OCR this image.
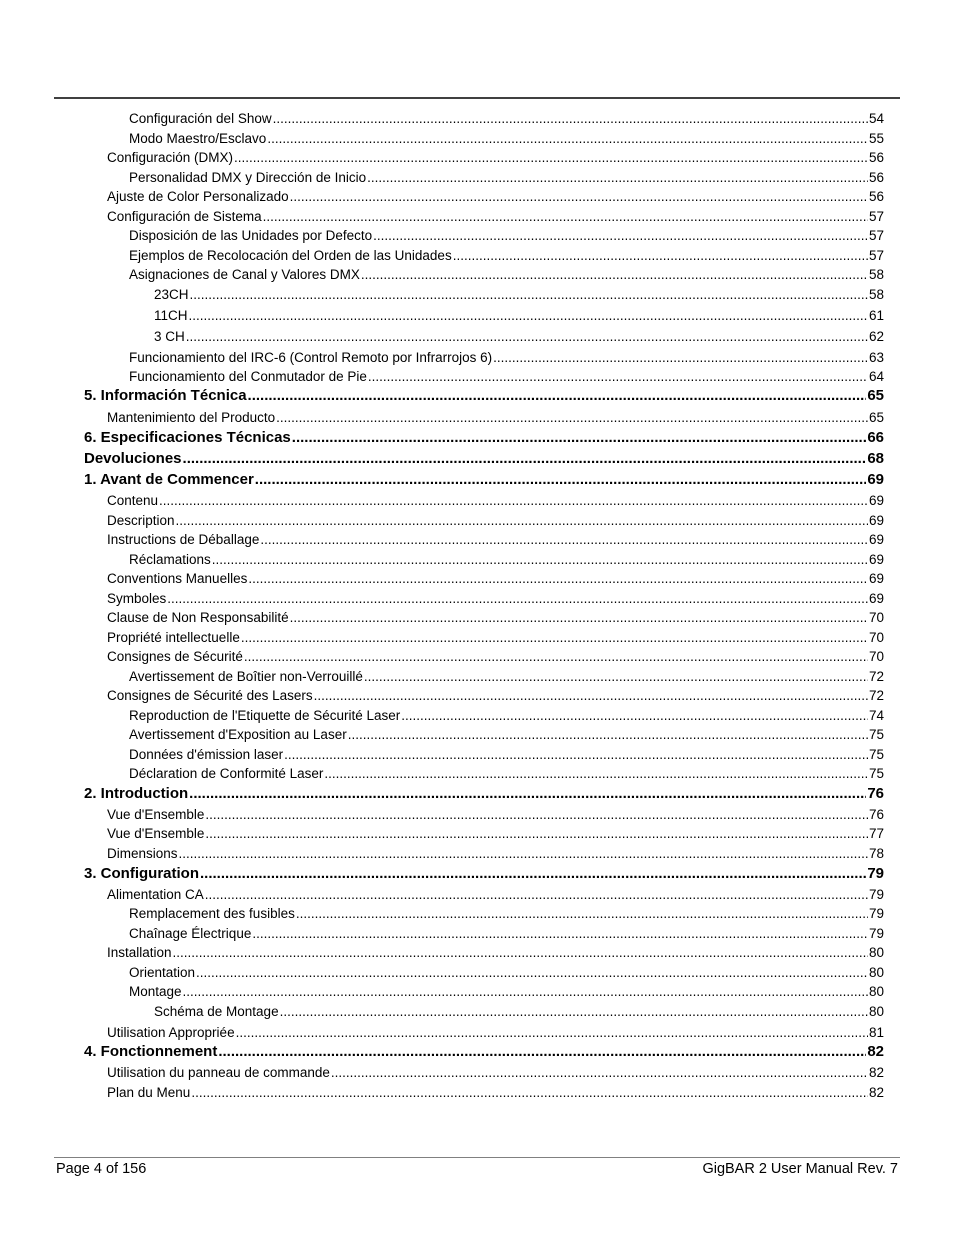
Configuración del Show .....	54
Modo Maestro/Esclavo .....	55
Configuración (DMX) .....	56
Personalidad DMX y Dirección de Inicio .....	56
Ajuste de Color Personalizado .....	56
Configuración de Sistema .....	57
Disposición de las Unidades por Defecto .....	57
Ejemplos de Recolocación del Orden de las Unidades .....	57
Asignaciones de Canal y Valores DMX .....	58
23CH .....	58
11CH .....	61
3 CH .....	62
Funcionamiento del IRC-6 (Control Remoto por Infrarrojos 6) .....	63
Funcionamiento del Conmutador de Pie .....	64
5. Información Técnica .....	65
Mantenimiento del Producto .....	65
6. Especificaciones Técnicas .....	66
Devoluciones .....	68
1. Avant de Commencer .....	69
Contenu .....	69
Description .....	69
Instructions de Déballage .....	69
Réclamations .....	69
Conventions Manuelles .....	69
Symboles .....	69
Clause de Non Responsabilité .....	70
Propriété intellectuelle .....	70
Consignes de Sécurité .....	70
Avertissement de Boîtier non-Verrouillé .....	72
Consignes de Sécurité des Lasers .....	72
Reproduction de l'Etiquette de Sécurité Laser .....	74
Avertissement d'Exposition au Laser .....	75
Données d'émission laser .....	75
Déclaration de Conformité Laser .....	75
2. Introduction .....	76
Vue d'Ensemble .....	76
Vue d'Ensemble .....	77
Dimensions .....	78
3. Configuration .....	79
Alimentation CA .....	79
Remplacement des fusibles .....	79
Chaînage Électrique .....	79
Installation .....	80
Orientation .....	80
Montage .....	80
Schéma de Montage .....	80
Utilisation Appropriée .....	81
4. Fonctionnement .....	82
Utilisation du panneau de commande .....	82
Plan du Menu .....	82
Page 4 of 156	GigBAR 2 User Manual Rev. 7
